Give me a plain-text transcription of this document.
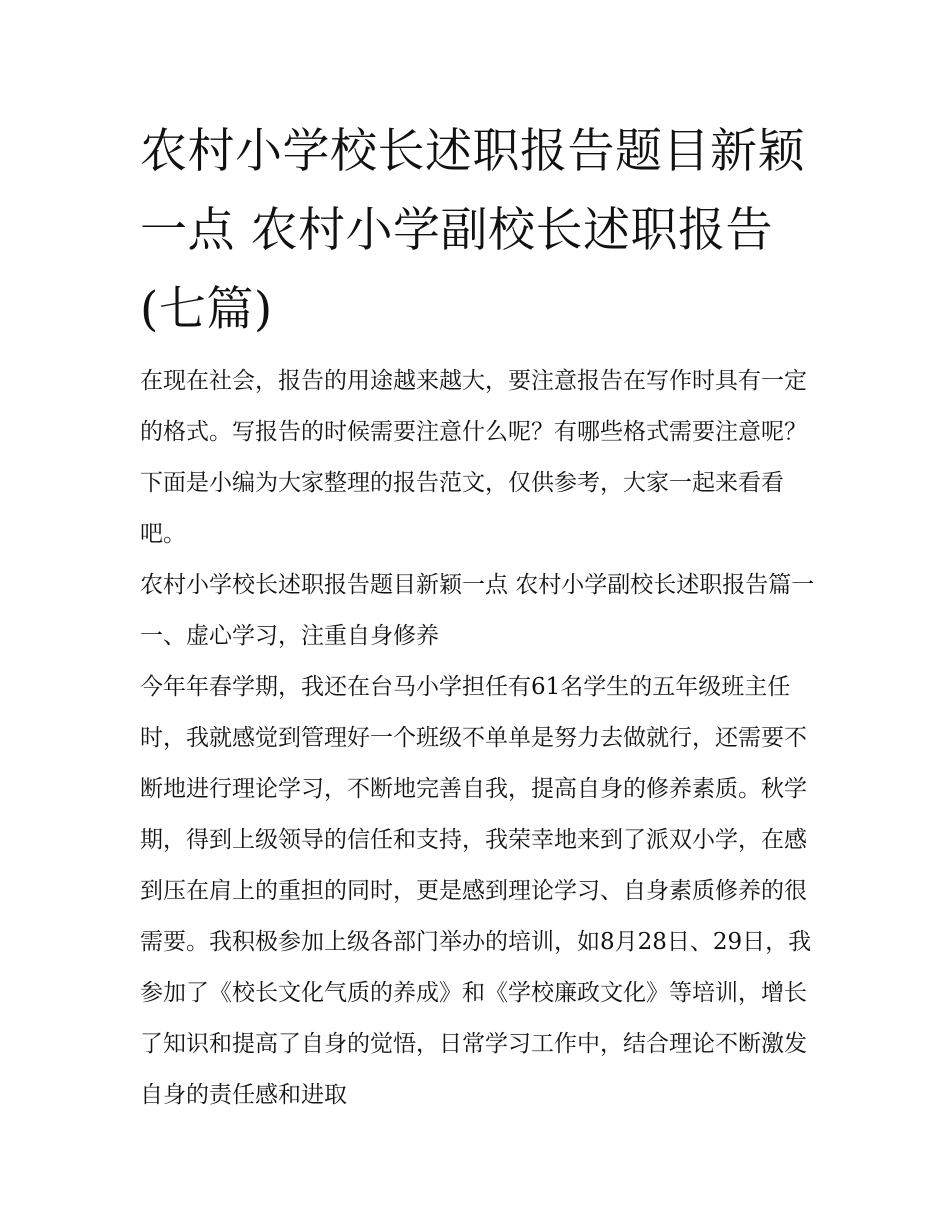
农村小学校长述职报告题目新颖一点 农村小学副校长述职报告(七篇)

在现在社会，报告的用途越来越大，要注意报告在写作时具有一定的格式。写报告的时候需要注意什么呢？有哪些格式需要注意呢？下面是小编为大家整理的报告范文，仅供参考，大家一起来看看吧。

农村小学校长述职报告题目新颖一点 农村小学副校长述职报告篇一 一、虚心学习，注重自身修养

今年年春学期，我还在台马小学担任有61名学生的五年级班主任时，我就感觉到管理好一个班级不单单是努力去做就行，还需要不断地进行理论学习，不断地完善自我，提高自身的修养素质。秋学期，得到上级领导的信任和支持，我荣幸地来到了派双小学，在感到压在肩上的重担的同时，更是感到理论学习、自身素质修养的很需要。我积极参加上级各部门举办的培训，如8月28日、29日，我参加了《校长文化气质的养成》和《学校廉政文化》等培训，增长了知识和提高了自身的觉悟，日常学习工作中，结合理论不断激发自身的责任感和进取
